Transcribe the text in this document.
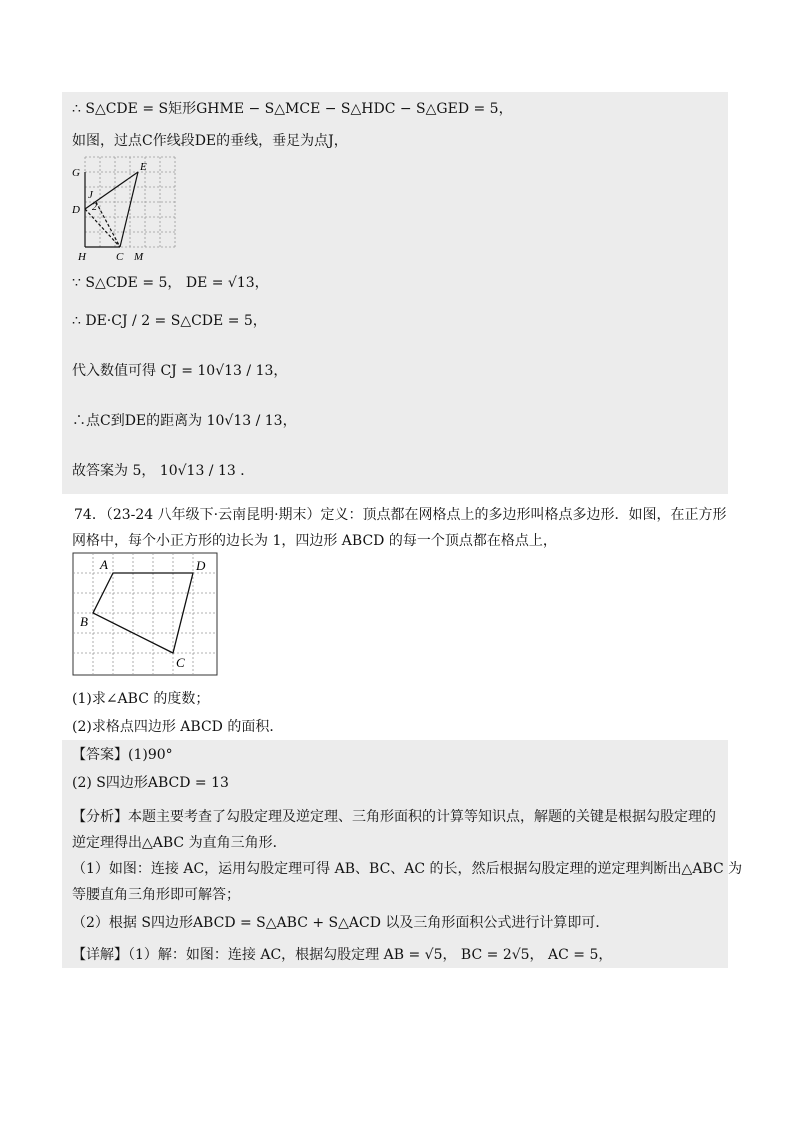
∴ S△CDE = S矩形GHME − S△MCE − S△HDC − S△GED = 5，
如图，过点C作线段DE的垂线，垂足为点J，
G	E
J
2
D
H	C M
∵ S△CDE = 5， DE = √13，
∴ DE·CJ / 2 = S△CDE = 5，
代入数值可得 CJ = 10√13 / 13，
∴点C到DE的距离为 10√13 / 13，
故答案为 5， 10√13 / 13 ．
74．（23-24 八年级下·云南昆明·期末）定义：顶点都在网格点上的多边形叫格点多边形．如图，在正方形
网格中，每个小正方形的边长为 1，四边形 ABCD 的每一个顶点都在格点上，
A	D
B
C
(1)求∠ABC 的度数；
(2)求格点四边形 ABCD 的面积．
【答案】(1)90°
(2) S四边形ABCD = 13
【分析】本题主要考查了勾股定理及逆定理、三角形面积的计算等知识点，解题的关键是根据勾股定理的
逆定理得出△ABC 为直角三角形．
（1）如图：连接 AC，运用勾股定理可得 AB、BC、AC 的长，然后根据勾股定理的逆定理判断出△ABC 为
等腰直角三角形即可解答；
（2）根据 S四边形ABCD = S△ABC + S△ACD 以及三角形面积公式进行计算即可．
【详解】（1）解：如图：连接 AC，根据勾股定理 AB = √5， BC = 2√5， AC = 5，
